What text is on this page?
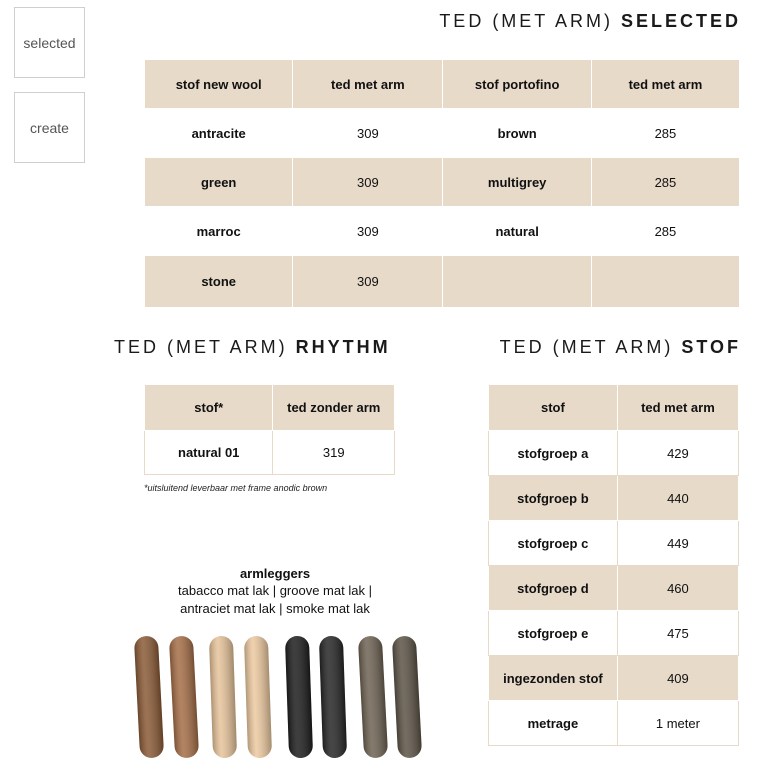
selected
create
TED (MET ARM) SELECTED
stof new wool	ted met arm	stof portofino	ted met arm
antracite	309	brown	285
green	309	multigrey	285
marroc	309	natural	285
stone	309		
TED (MET ARM) RHYTHM
stof*	ted zonder arm
natural 01	319
*uitsluitend leverbaar met frame anodic brown
TED (MET ARM) STOF
stof	ted met arm
stofgroep a	429
stofgroep b	440
stofgroep c	449
stofgroep d	460
stofgroep e	475
ingezonden stof	409
metrage	1 meter
armleggers
tabacco mat lak | groove mat lak |
antraciet mat lak | smoke mat lak
